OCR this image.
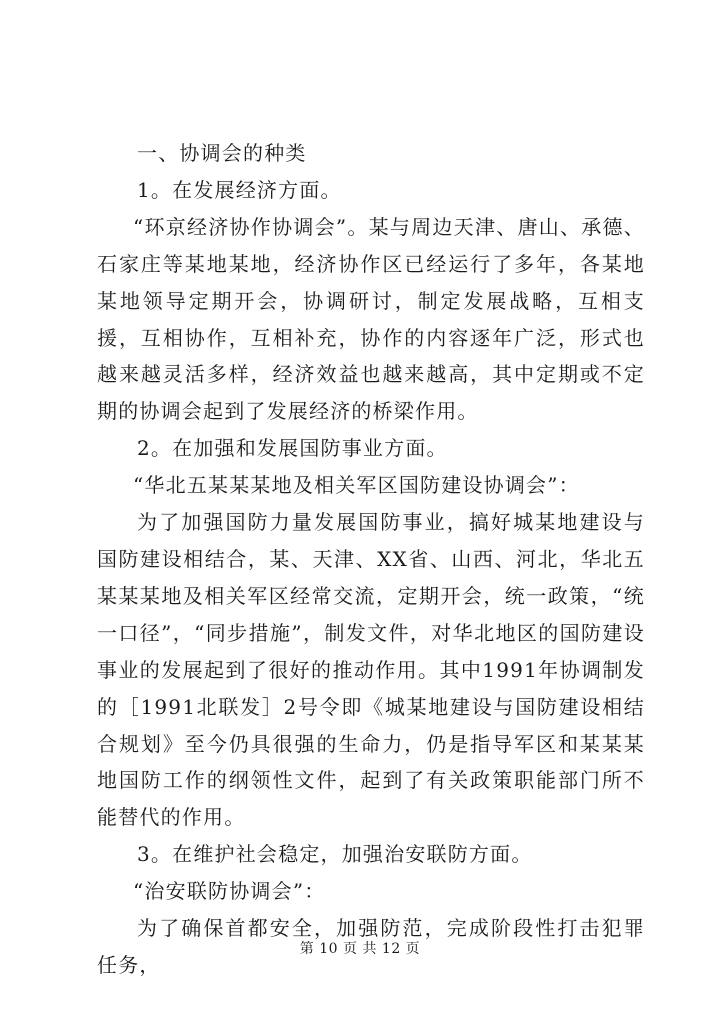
一、协调会的种类

1。在发展经济方面。

“环京经济协作协调会”。某与周边天津、唐山、承德、石家庄等某地某地，经济协作区已经运行了多年，各某地某地领导定期开会，协调研讨，制定发展战略，互相支援，互相协作，互相补充，协作的内容逐年广泛，形式也越来越灵活多样，经济效益也越来越高，其中定期或不定期的协调会起到了发展经济的桥梁作用。

2。在加强和发展国防事业方面。

“华北五某某某地及相关军区国防建设协调会”：

为了加强国防力量发展国防事业，搞好城某地建设与国防建设相结合，某、天津、XX省、山西、河北，华北五某某某地及相关军区经常交流，定期开会，统一政策，“统一口径”，“同步措施”，制发文件，对华北地区的国防建设事业的发展起到了很好的推动作用。其中1991年协调制发的［1991北联发］2号令即《城某地建设与国防建设相结合规划》至今仍具很强的生命力，仍是指导军区和某某某地国防工作的纲领性文件，起到了有关政策职能部门所不能替代的作用。

3。在维护社会稳定，加强治安联防方面。

“治安联防协调会”：

为了确保首都安全，加强防范，完成阶段性打击犯罪任务，

第 10 页 共 12 页
